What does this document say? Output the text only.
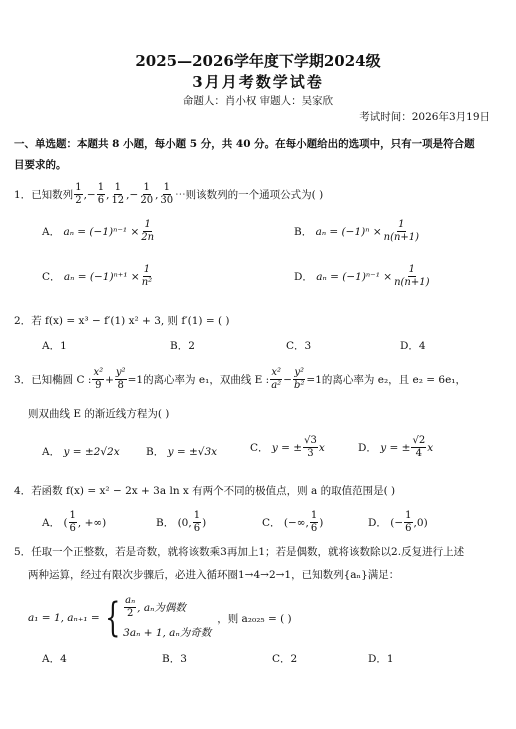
2025—2026学年度下学期2024级
3月月考数学试卷
命题人：肖小权 审题人：吴家欣
考试时间：2026年3月19日
一、单选题：本题共 8 小题，每小题 5 分，共 40 分。在每小题给出的选项中，只有一项是符合题
目要求的。
1． 已知数列 $\frac{1}{2}$ , − $\frac{1}{6}$ , $\frac{1}{12}$ , − $\frac{1}{20}$ , $\frac{1}{30}$ ⋯则该数列的一个通项公式为( )
A．
$a_n = (-1)^{n-1} \times \frac{1}{2n}$	B．
$a_n = (-1)^n \times \frac{1}{n(n+1)}$
C．
$a_n = (-1)^{n+1} \times \frac{1}{\text{n²}}$	D．
$a_n = (-1)^{n-1} \times \frac{1}{n(n+1)}$
2．若 f(x) = x³ − f′(1) x² + 3, 则 f′(1) = ( )
A．1	B．2	C．3	D．4
3． 已知椭圆 C : $\frac{\text{x²}}{9} + \frac{\text{y²}}{8} =1$ 的离心率为 e₁，双曲线 E : $\frac{\text{x²}}{\text{a²}} - \frac{\text{y²}}{\text{b²}} =1$ 的离心率为 e₂，且 e₂ = 6e₁，
则双曲线 E 的渐近线方程为( )
A． y = ±2√2x	B． y = ±√3x	C．
y = ± $\frac{√3}{3}$ x	D．
y = ± $\frac{√2}{4}$ x
4．若函数 f(x) = x² − 2x + 3a ln x 有两个不同的极值点，则 a 的取值范围是( )
A．
( $\frac{1}{6}$ , +∞)	B．
(0, $\frac{1}{6}$ )	C．
(−∞, $\frac{1}{6}$ )	D．
(− $\frac{1}{6} ,0$)
5．任取一个正整数，若是奇数，就将该数乘3再加上1；若是偶数，就将该数除以2.反复进行上述
两种运算，经过有限次步骤后，必进入循环圈1→4→2→1，已知数列{aₙ}满足：
a₁ = 1, aₙ₊₁ = { $\frac{\text{aₙ}}{2}$ , aₙ为偶数
3aₙ + 1, aₙ为奇数
，则 a₂₀₂₅ = ( )
A．4	B．3	C．2	D．1
